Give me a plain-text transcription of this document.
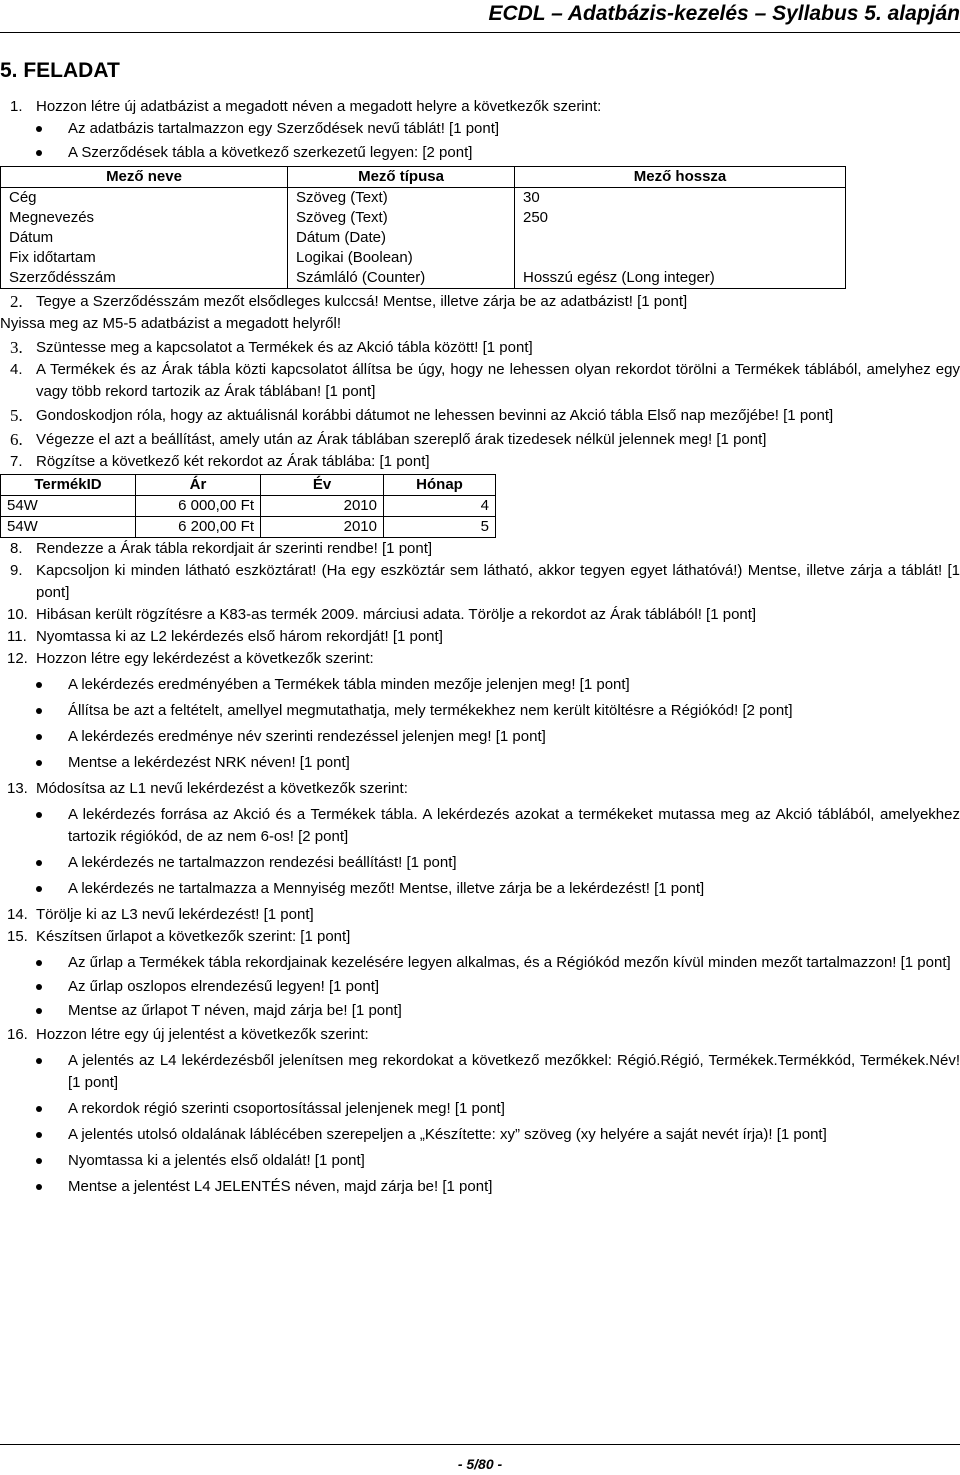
ECDL – Adatbázis-kezelés – Syllabus 5. alapján
5. FELADAT
1. Hozzon létre új adatbázist a megadott néven a megadott helyre a következők szerint:
Az adatbázis tartalmazzon egy Szerződések nevű táblát! [1 pont]
A Szerződések tábla a következő szerkezetű legyen: [2 pont]
Mező neve	Mező típusa	Mező hossza
Cég	Szöveg (Text)	30
Megnevezés	Szöveg (Text)	250
Dátum	Dátum (Date)	
Fix időtartam	Logikai (Boolean)	
Szerződésszám	Számláló (Counter)	Hosszú egész (Long integer)
2. Tegye a Szerződésszám mezőt elsődleges kulccsá! Mentse, illetve zárja be az adatbázist! [1 pont]
Nyissa meg az M5-5 adatbázist a megadott helyről!
3. Szüntesse meg a kapcsolatot a Termékek és az Akció tábla között! [1 pont]
4. A Termékek és az Árak tábla közti kapcsolatot állítsa be úgy, hogy ne lehessen olyan rekordot törölni a Termékek táblából, amelyhez egy vagy több rekord tartozik az Árak táblában! [1 pont]
5. Gondoskodjon róla, hogy az aktuálisnál korábbi dátumot ne lehessen bevinni az Akció tábla Első nap mezőjébe! [1 pont]
6. Végezze el azt a beállítást, amely után az Árak táblában szereplő árak tizedesek nélkül jelennek meg! [1 pont]
7. Rögzítse a következő két rekordot az Árak táblába: [1 pont]
TermékID	Ár	Év	Hónap
54W	6 000,00 Ft	2010	4
54W	6 200,00 Ft	2010	5
8. Rendezze a Árak tábla rekordjait ár szerinti rendbe! [1 pont]
9. Kapcsoljon ki minden látható eszköztárat! (Ha egy eszköztár sem látható, akkor tegyen egyet láthatóvá!) Mentse, illetve zárja a táblát! [1 pont]
10. Hibásan került rögzítésre a K83-as termék 2009. márciusi adata. Törölje a rekordot az Árak táblából! [1 pont]
11. Nyomtassa ki az L2 lekérdezés első három rekordját! [1 pont]
12. Hozzon létre egy lekérdezést a következők szerint:
A lekérdezés eredményében a Termékek tábla minden mezője jelenjen meg! [1 pont]
Állítsa be azt a feltételt, amellyel megmutathatja, mely termékekhez nem került kitöltésre a Régiókód! [2 pont]
A lekérdezés eredménye név szerinti rendezéssel jelenjen meg! [1 pont]
Mentse a lekérdezést NRK néven! [1 pont]
13. Módosítsa az L1 nevű lekérdezést a következők szerint:
A lekérdezés forrása az Akció és a Termékek tábla. A lekérdezés azokat a termékeket mutassa meg az Akció táblából, amelyekhez tartozik régiókód, de az nem 6-os! [2 pont]
A lekérdezés ne tartalmazzon rendezési beállítást! [1 pont]
A lekérdezés ne tartalmazza a Mennyiség mezőt! Mentse, illetve zárja be a lekérdezést! [1 pont]
14. Törölje ki az L3 nevű lekérdezést! [1 pont]
15. Készítsen űrlapot a következők szerint: [1 pont]
Az űrlap a Termékek tábla rekordjainak kezelésére legyen alkalmas, és a Régiókód mezőn kívül minden mezőt tartalmazzon! [1 pont]
Az űrlap oszlopos elrendezésű legyen! [1 pont]
Mentse az űrlapot T néven, majd zárja be! [1 pont]
16. Hozzon létre egy új jelentést a következők szerint:
A jelentés az L4 lekérdezésből jelenítsen meg rekordokat a következő mezőkkel: Régió.Régió, Termékek.Termékkód, Termékek.Név! [1 pont]
A rekordok régió szerinti csoportosítással jelenjenek meg! [1 pont]
A jelentés utolsó oldalának láblécében szerepeljen a „Készítette: xy” szöveg (xy helyére a saját nevét írja)! [1 pont]
Nyomtassa ki a jelentés első oldalát! [1 pont]
Mentse a jelentést L4 JELENTÉS néven, majd zárja be! [1 pont]
- 5/80 -
